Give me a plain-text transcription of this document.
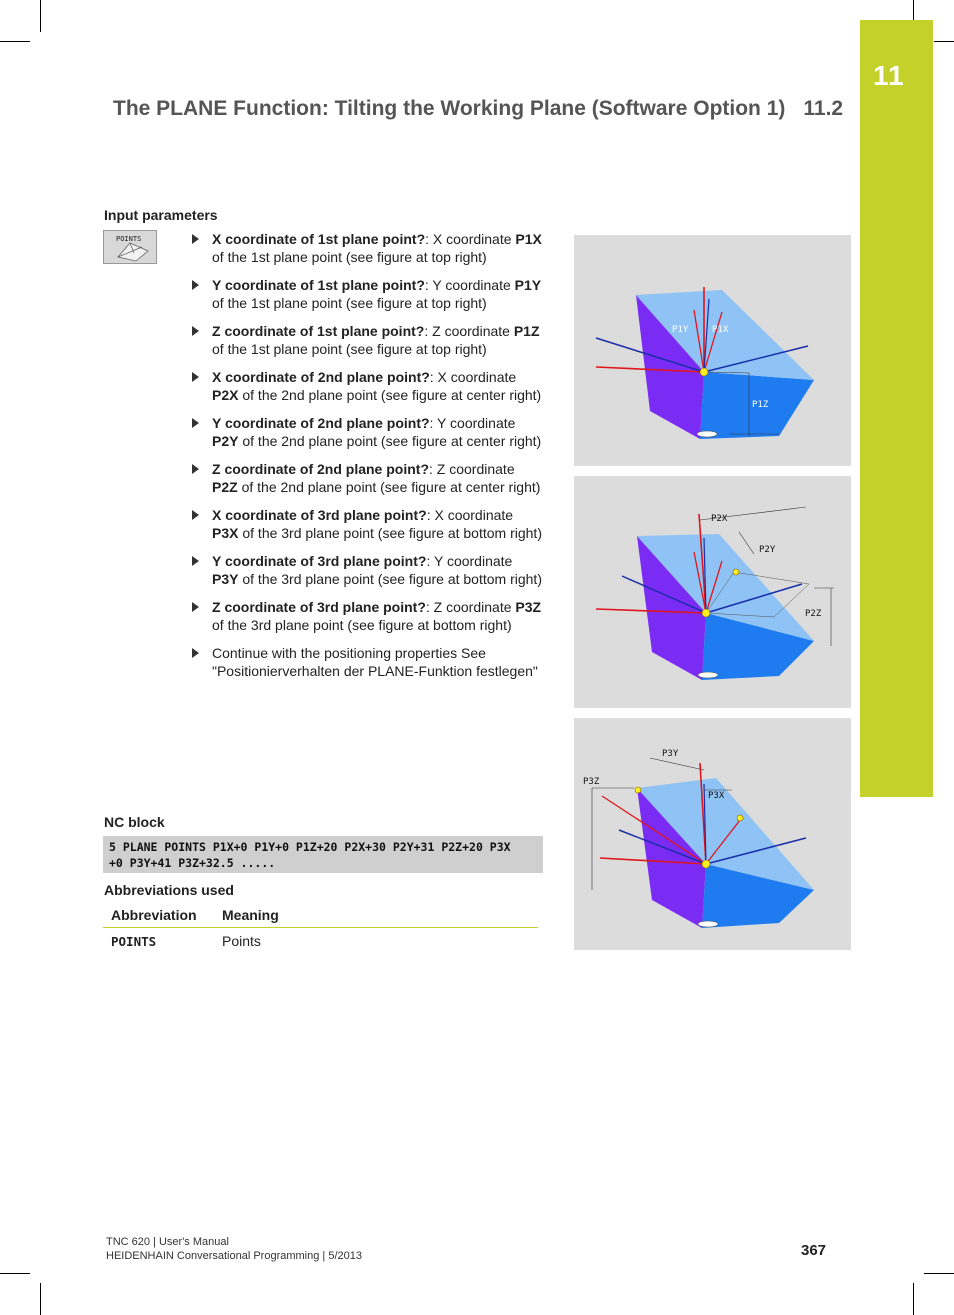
11
The PLANE Function: Tilting the Working Plane (Software Option 1) 11.2
Input parameters
POINTS	X coordinate of 1st plane point?: X coordinate P1X of the 1st plane point (see figure at top right)
Y coordinate of 1st plane point?: Y coordinate P1Y of the 1st plane point (see figure at top right)
Z coordinate of 1st plane point?: Z coordinate P1Z of the 1st plane point (see figure at top right)
X coordinate of 2nd plane point?: X coordinate P2X of the 2nd plane point (see figure at center right)
Y coordinate of 2nd plane point?: Y coordinate P2Y of the 2nd plane point (see figure at center right)
Z coordinate of 2nd plane point?: Z coordinate P2Z of the 2nd plane point (see figure at center right)
X coordinate of 3rd plane point?: X coordinate P3X of the 3rd plane point (see figure at bottom right)
Y coordinate of 3rd plane point?: Y coordinate P3Y of the 3rd plane point (see figure at bottom right)
Z coordinate of 3rd plane point?: Z coordinate P3Z of the 3rd plane point (see figure at bottom right)
Continue with the positioning properties See "Positionierverhalten der PLANE-Funktion festlegen"
NC block
5 PLANE POINTS P1X+0 P1Y+0 P1Z+20 P2X+30 P2Y+31 P2Z+20 P3X
+0 P3Y+41 P3Z+32.5 .....
Abbreviations used
Abbreviation	Meaning
POINTS	Points
P1Y	P1X
P1Z
P2X
P2Y
P2Z
P3Y
P3Z
P3X
TNC 620 | User's Manual
HEIDENHAIN Conversational Programming | 5/2013	367
